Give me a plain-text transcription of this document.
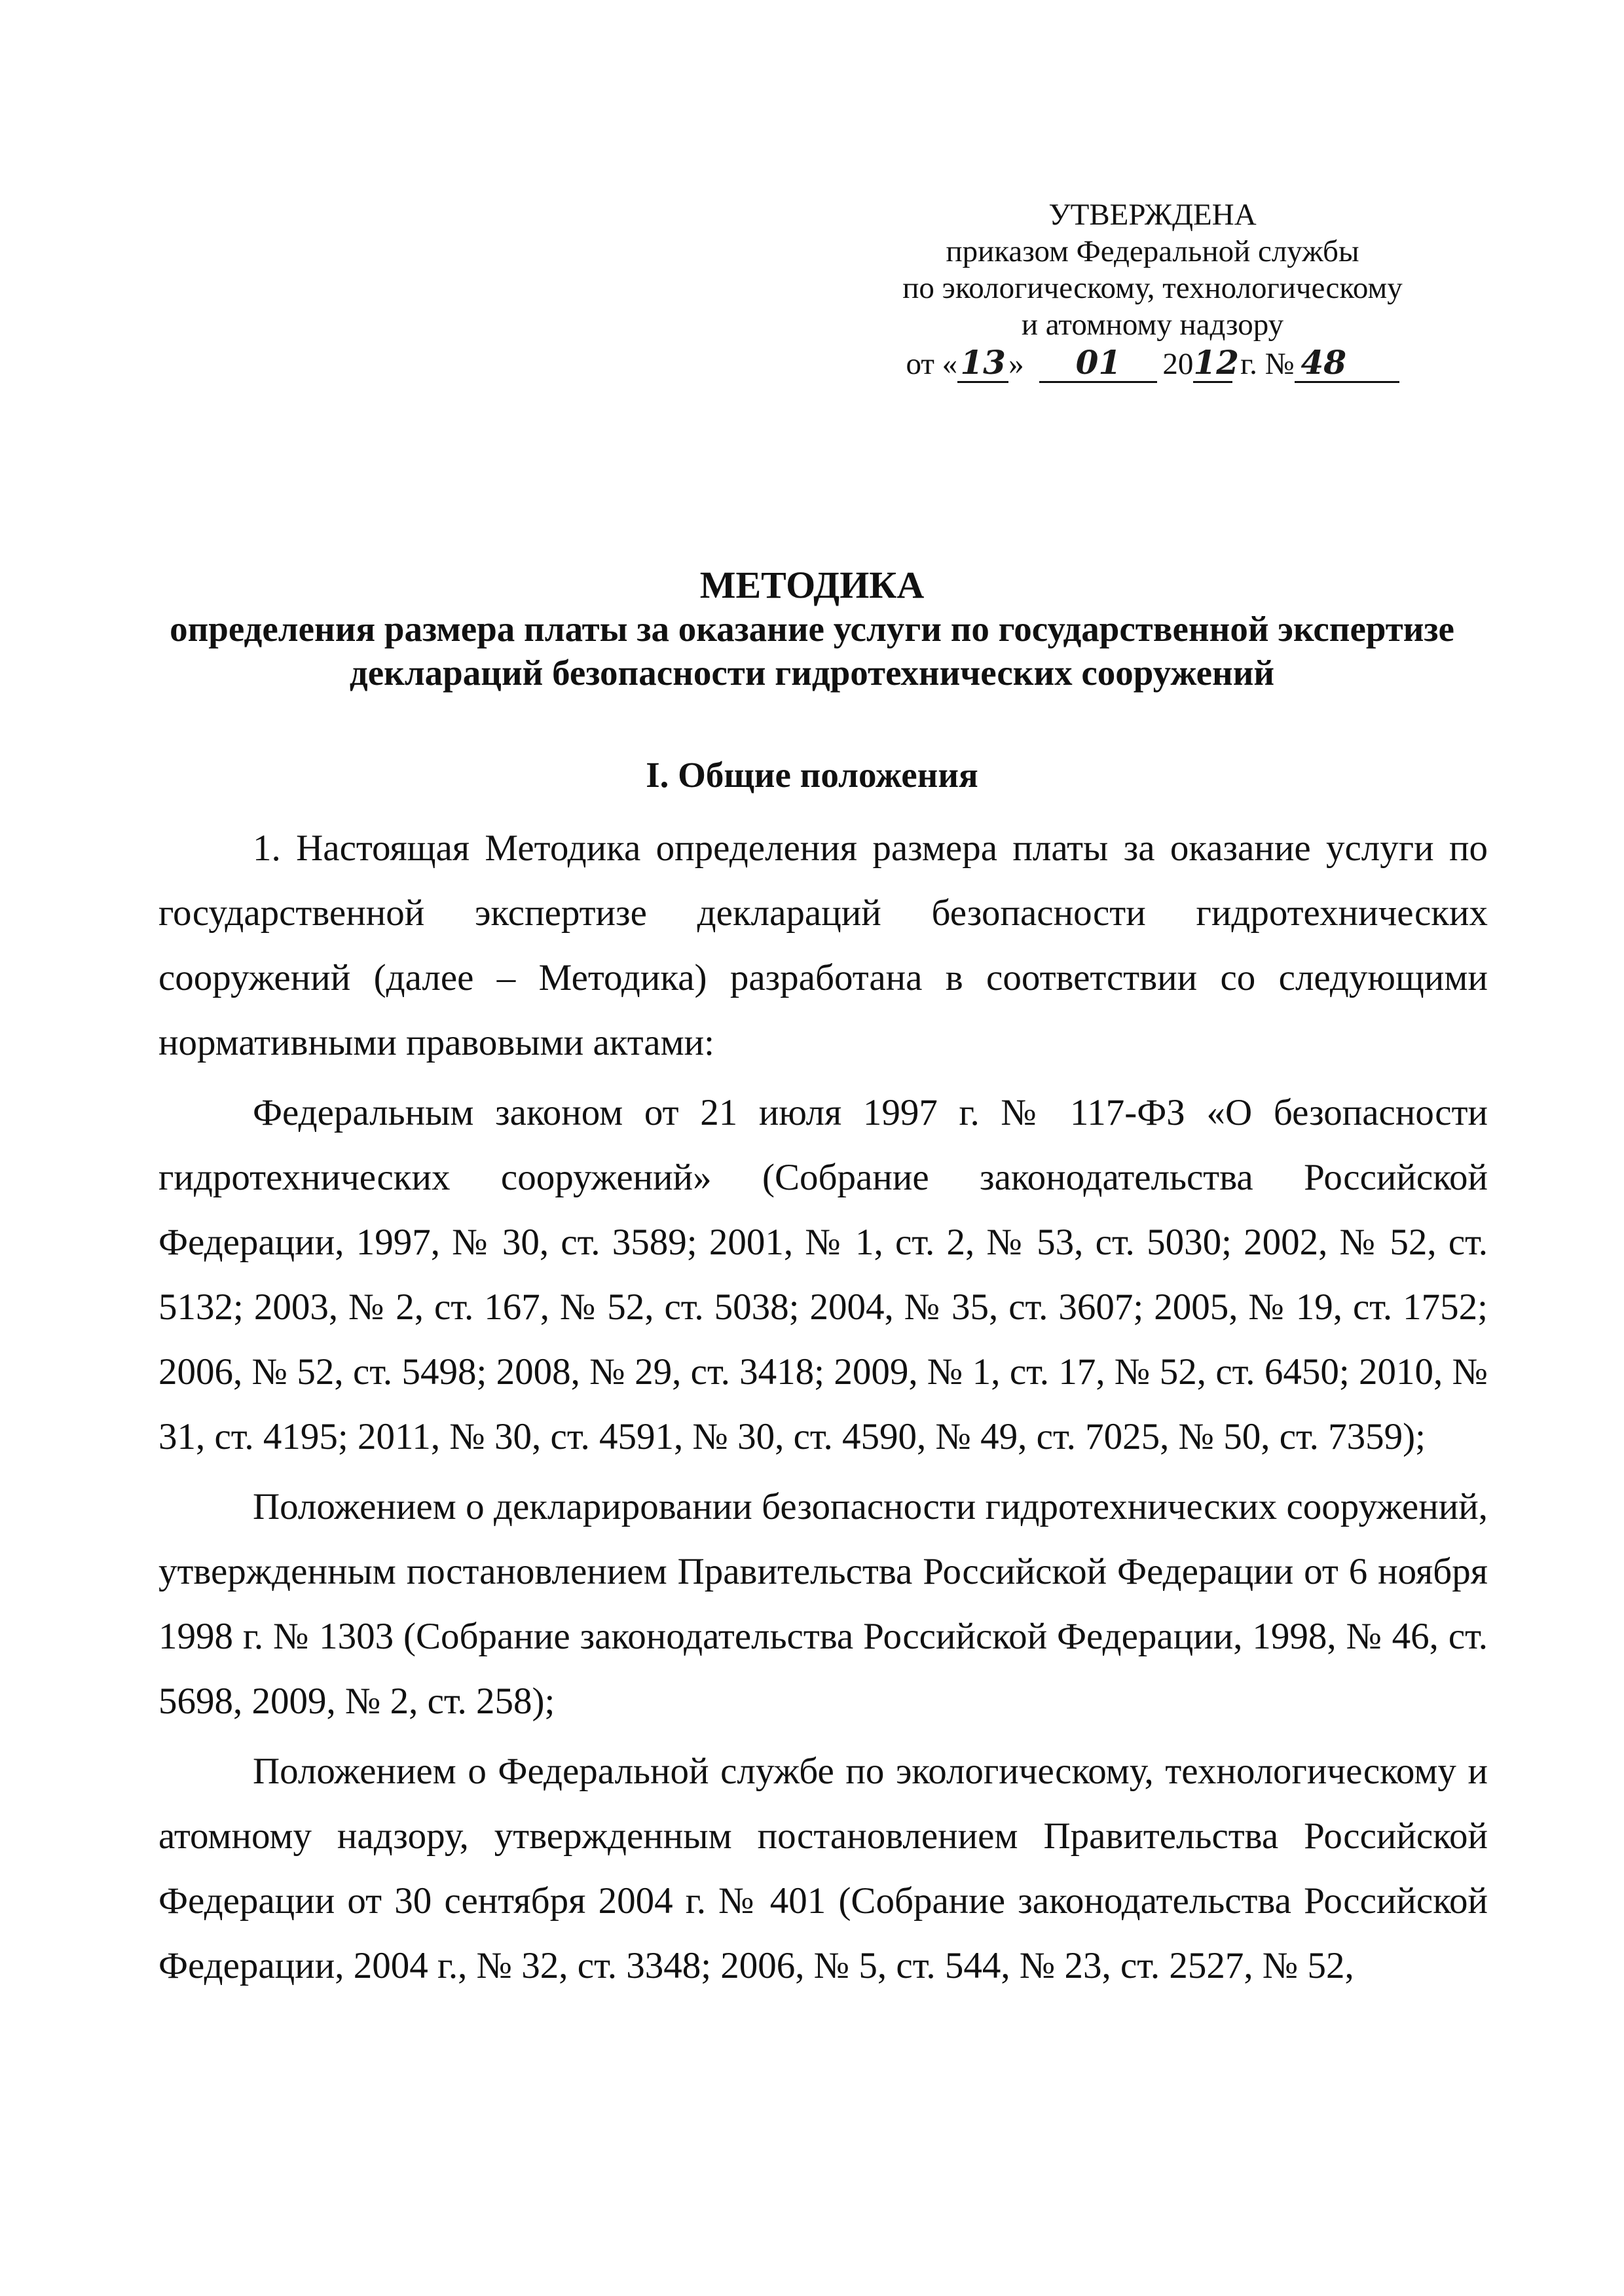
УТВЕРЖДЕНА
приказом Федеральной службы
по экологическому, технологическому
и атомному надзору
от «13» 01 2012 г. № 48
МЕТОДИКА
определения размера платы за оказание услуги по государственной экспертизе
деклараций безопасности гидротехнических сооружений
I. Общие положения

1. Настоящая Методика определения размера платы за оказание услуги по государственной экспертизе деклараций безопасности гидротехнических сооружений (далее – Методика) разработана в соответствии со следующими нормативными правовыми актами:

Федеральным законом от 21 июля 1997 г. № 117-ФЗ «О безопасности гидротехнических сооружений» (Собрание законодательства Российской Федерации, 1997, № 30, ст. 3589; 2001, № 1, ст. 2, № 53, ст. 5030; 2002, № 52, ст. 5132; 2003, № 2, ст. 167, № 52, ст. 5038; 2004, № 35, ст. 3607; 2005, № 19, ст. 1752; 2006, № 52, ст. 5498; 2008, № 29, ст. 3418; 2009, № 1, ст. 17, № 52, ст. 6450; 2010, № 31, ст. 4195; 2011, № 30, ст. 4591, № 30, ст. 4590, № 49, ст. 7025, № 50, ст. 7359);

Положением о декларировании безопасности гидротехнических сооружений, утвержденным постановлением Правительства Российской Федерации от 6 ноября 1998 г. № 1303 (Собрание законодательства Российской Федерации, 1998, № 46, ст. 5698, 2009, № 2, ст. 258);

Положением о Федеральной службе по экологическому, технологическому и атомному надзору, утвержденным постановлением Правительства Российской Федерации от 30 сентября 2004 г. № 401 (Собрание законодательства Российской Федерации, 2004 г., № 32, ст. 3348; 2006, № 5, ст. 544, № 23, ст. 2527, № 52,
